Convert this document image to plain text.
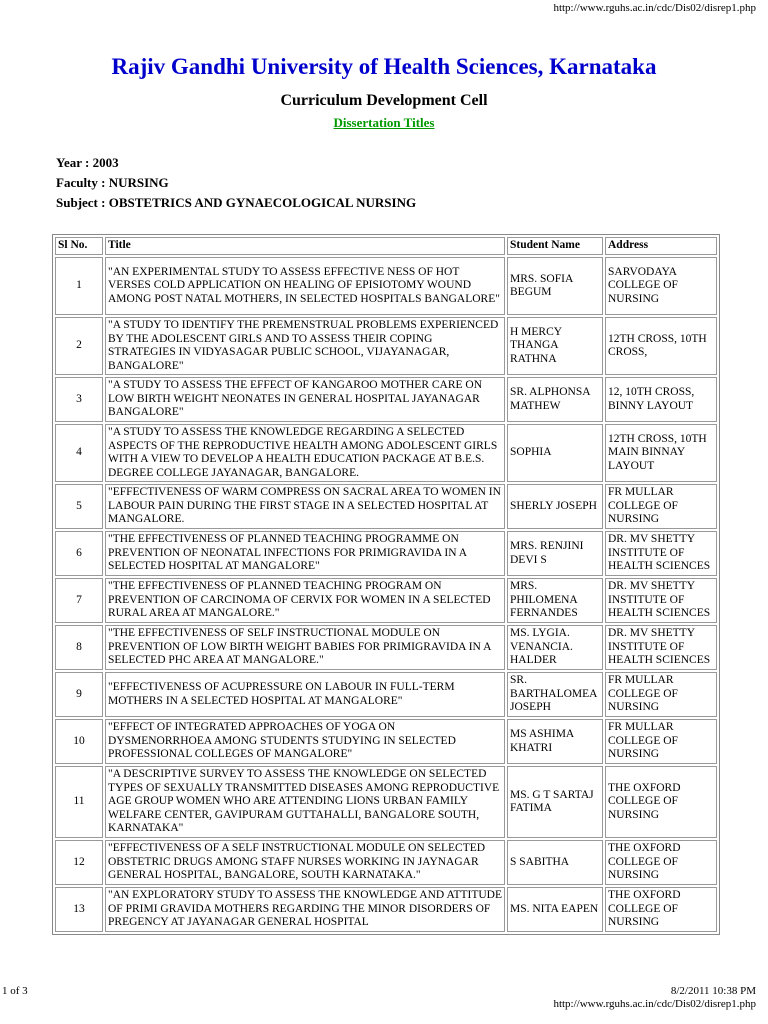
http://www.rguhs.ac.in/cdc/Dis02/disrep1.php
Rajiv Gandhi University of Health Sciences, Karnataka
Curriculum Development Cell
Dissertation Titles
Year : 2003
Faculty : NURSING
Subject : OBSTETRICS AND GYNAECOLOGICAL NURSING
Sl No.	Title	Student Name	Address
1	"AN EXPERIMENTAL STUDY TO ASSESS EFFECTIVE NESS OF HOT VERSES COLD APPLICATION ON HEALING OF EPISIOTOMY WOUND AMONG POST NATAL MOTHERS, IN SELECTED HOSPITALS BANGALORE"	MRS. SOFIA BEGUM	SARVODAYA COLLEGE OF NURSING
2	"A STUDY TO IDENTIFY THE PREMENSTRUAL PROBLEMS EXPERIENCED BY THE ADOLESCENT GIRLS AND TO ASSESS THEIR COPING STRATEGIES IN VIDYASAGAR PUBLIC SCHOOL, VIJAYANAGAR, BANGALORE"	H MERCY THANGA RATHNA	12TH CROSS, 10TH CROSS,
3	"A STUDY TO ASSESS THE EFFECT OF KANGAROO MOTHER CARE ON LOW BIRTH WEIGHT NEONATES IN GENERAL HOSPITAL JAYANAGAR BANGALORE"	SR. ALPHONSA MATHEW	12, 10TH CROSS, BINNY LAYOUT
4	"A STUDY TO ASSESS THE KNOWLEDGE REGARDING A SELECTED ASPECTS OF THE REPRODUCTIVE HEALTH AMONG ADOLESCENT GIRLS WITH A VIEW TO DEVELOP A HEALTH EDUCATION PACKAGE AT B.E.S. DEGREE COLLEGE JAYANAGAR, BANGALORE.	SOPHIA	12TH CROSS, 10TH MAIN BINNAY LAYOUT
5	"EFFECTIVENESS OF WARM COMPRESS ON SACRAL AREA TO WOMEN IN LABOUR PAIN DURING THE FIRST STAGE IN A SELECTED HOSPITAL AT MANGALORE.	SHERLY JOSEPH	FR MULLAR COLLEGE OF NURSING
6	"THE EFFECTIVENESS OF PLANNED TEACHING PROGRAMME ON PREVENTION OF NEONATAL INFECTIONS FOR PRIMIGRAVIDA IN A SELECTED HOSPITAL AT MANGALORE"	MRS. RENJINI DEVI S	DR. MV SHETTY INSTITUTE OF HEALTH SCIENCES
7	"THE EFFECTIVENESS OF PLANNED TEACHING PROGRAM ON PREVENTION OF CARCINOMA OF CERVIX FOR WOMEN IN A SELECTED RURAL AREA AT MANGALORE."	MRS. PHILOMENA FERNANDES	DR. MV SHETTY INSTITUTE OF HEALTH SCIENCES
8	"THE EFFECTIVENESS OF SELF INSTRUCTIONAL MODULE ON PREVENTION OF LOW BIRTH WEIGHT BABIES FOR PRIMIGRAVIDA IN A SELECTED PHC AREA AT MANGALORE."	MS. LYGIA. VENANCIA. HALDER	DR. MV SHETTY INSTITUTE OF HEALTH SCIENCES
9	"EFFECTIVENESS OF ACUPRESSURE ON LABOUR IN FULL-TERM MOTHERS IN A SELECTED HOSPITAL AT MANGALORE"	SR. BARTHALOMEA JOSEPH	FR MULLAR COLLEGE OF NURSING
10	"EFFECT OF INTEGRATED APPROACHES OF YOGA ON DYSMENORRHOEA AMONG STUDENTS STUDYING IN SELECTED PROFESSIONAL COLLEGES OF MANGALORE"	MS ASHIMA KHATRI	FR MULLAR COLLEGE OF NURSING
11	"A DESCRIPTIVE SURVEY TO ASSESS THE KNOWLEDGE ON SELECTED TYPES OF SEXUALLY TRANSMITTED DISEASES AMONG REPRODUCTIVE AGE GROUP WOMEN WHO ARE ATTENDING LIONS URBAN FAMILY WELFARE CENTER, GAVIPURAM GUTTAHALLI, BANGALORE SOUTH, KARNATAKA"	MS. G T SARTAJ FATIMA	THE OXFORD COLLEGE OF NURSING
12	"EFFECTIVENESS OF A SELF INSTRUCTIONAL MODULE ON SELECTED OBSTETRIC DRUGS AMONG STAFF NURSES WORKING IN JAYNAGAR GENERAL HOSPITAL, BANGALORE, SOUTH KARNATAKA."	S SABITHA	THE OXFORD COLLEGE OF NURSING
13	"AN EXPLORATORY STUDY TO ASSESS THE KNOWLEDGE AND ATTITUDE OF PRIMI GRAVIDA MOTHERS REGARDING THE MINOR DISORDERS OF PREGENCY AT JAYANAGAR GENERAL HOSPITAL	MS. NITA EAPEN	THE OXFORD COLLEGE OF NURSING
1 of 3	8/2/2011 10:38 PM
http://www.rguhs.ac.in/cdc/Dis02/disrep1.php
